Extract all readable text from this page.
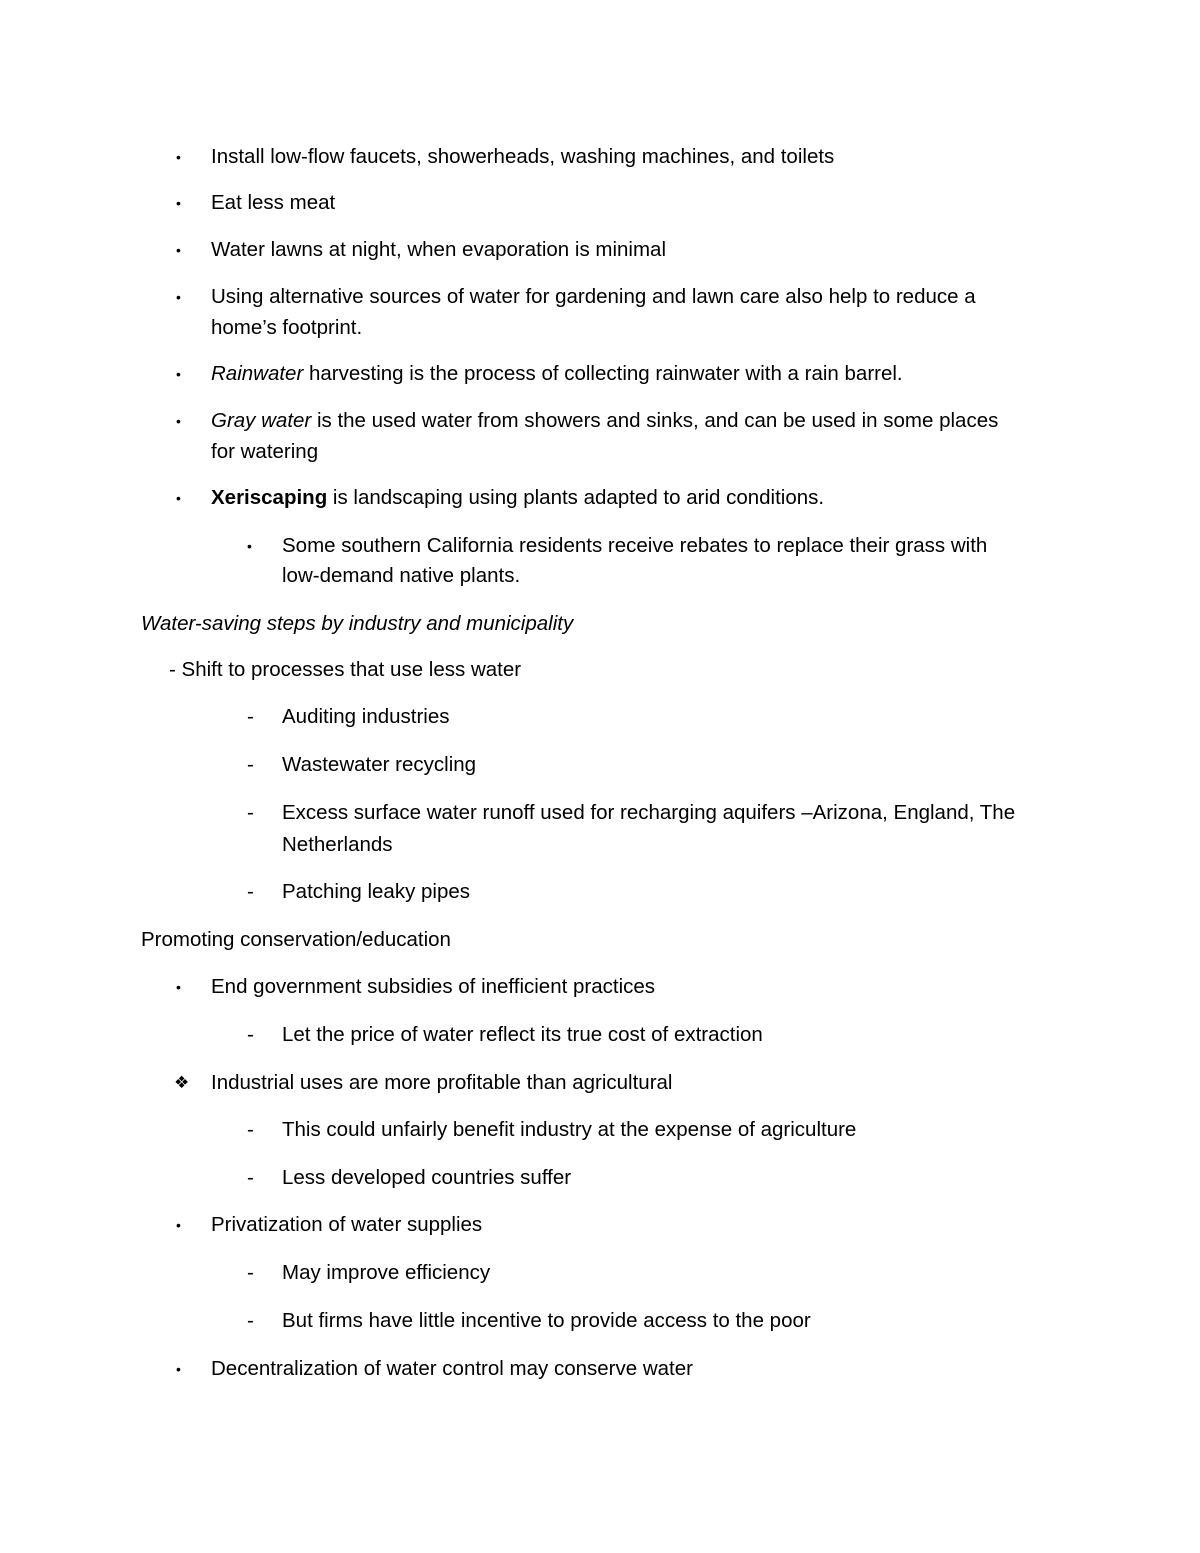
• Install low-flow faucets, showerheads, washing machines, and toilets
• Eat less meat
• Water lawns at night, when evaporation is minimal
• Using alternative sources of water for gardening and lawn care also help to reduce a
home’s footprint.
• Rainwater harvesting is the process of collecting rainwater with a rain barrel.
• Gray water is the used water from showers and sinks, and can be used in some places
for watering
• Xeriscaping is landscaping using plants adapted to arid conditions.
• Some southern California residents receive rebates to replace their grass with
low-demand native plants.
Water-saving steps by industry and municipality
- Shift to processes that use less water
- Auditing industries
- Wastewater recycling
- Excess surface water runoff used for recharging aquifers –Arizona, England, The
Netherlands
- Patching leaky pipes
Promoting conservation/education
• End government subsidies of inefficient practices
- Let the price of water reflect its true cost of extraction
❖ Industrial uses are more profitable than agricultural
- This could unfairly benefit industry at the expense of agriculture
- Less developed countries suffer
• Privatization of water supplies
- May improve efficiency
- But firms have little incentive to provide access to the poor
• Decentralization of water control may conserve water
